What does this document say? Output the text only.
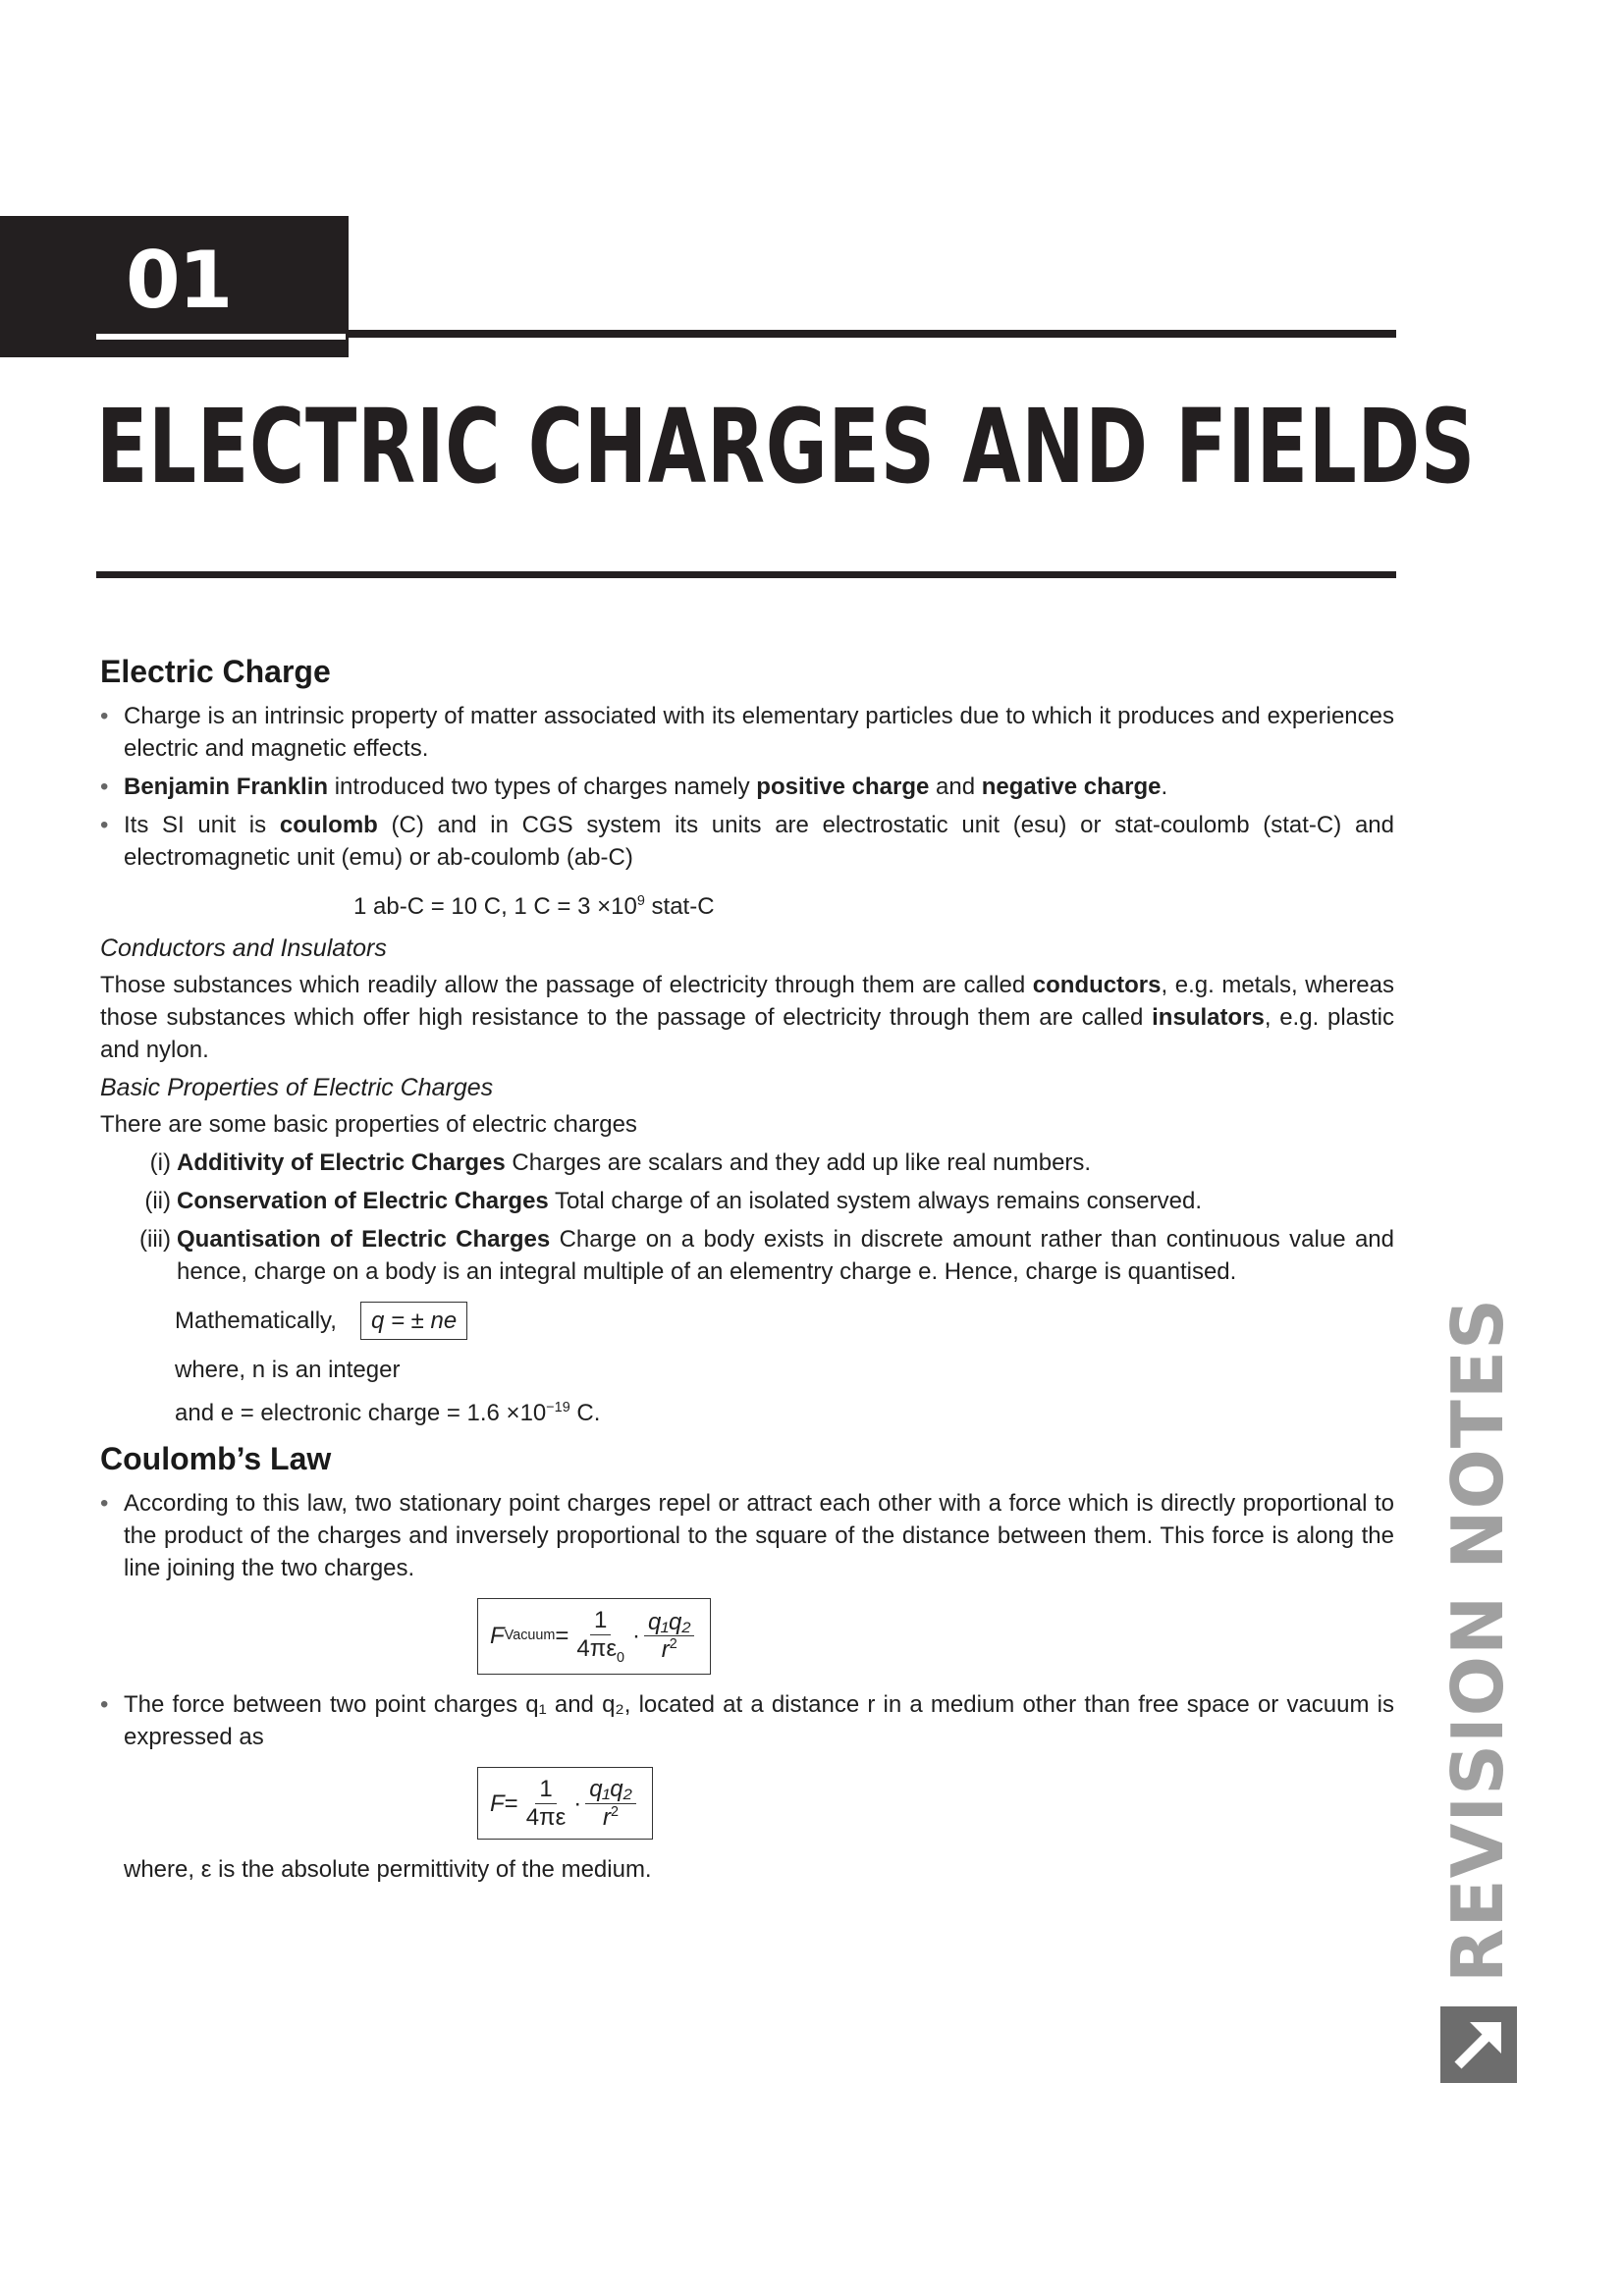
01
ELECTRIC CHARGES AND FIELDS
REVISION NOTES
Electric Charge
• Charge is an intrinsic property of matter associated with its elementary particles due to which it produces and experiences electric and magnetic effects.
• Benjamin Franklin introduced two types of charges namely positive charge and negative charge.
• Its SI unit is coulomb (C) and in CGS system its units are electrostatic unit (esu) or stat-coulomb (stat-C) and electromagnetic unit (emu) or ab-coulomb (ab-C)
1 ab-C = 10 C, 1 $C = 3 \times 10^9$ stat-C
Conductors and Insulators

Those substances which readily allow the passage of electricity through them are called conductors, e.g. metals, whereas those substances which offer high resistance to the passage of electricity through them are called insulators, e.g. plastic and nylon.

Basic Properties of Electric Charges

There are some basic properties of electric charges

(i) Additivity of Electric Charges Charges are scalars and they add up like real numbers.
(ii) Conservation of Electric Charges Total charge of an isolated system always remains conserved.
(iii) Quantisation of Electric Charges Charge on a body exists in discrete amount rather than continuous value and hence, charge on a body is an integral multiple of an elementry charge e. Hence, charge is quantised.
Mathematically, q = ± ne
where, n is an integer
and e = electronic charge = $1.6 \times 10^{-19}$ C.
Coulomb’s Law
• According to this law, two stationary point charges repel or attract each other with a force which is directly proportional to the product of the charges and inversely proportional to the square of the distance between them. This force is along the line joining the two charges.
F Vacuum = $\frac{1}{4\pi\varepsilon_0} \cdot \frac{\text{q₁q₂}}{r^2}$
• The force between two point charges q₁ and q₂, located at a distance r in a medium other than free space or vacuum is expressed as
$F = \frac{1}{4\pi\varepsilon} \cdot \frac{\text{q₁q₂}}{r^2}$

where, ε is the absolute permittivity of the medium.
